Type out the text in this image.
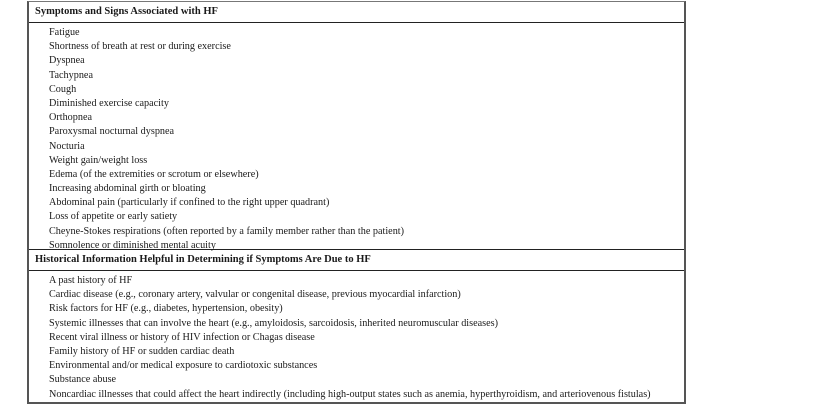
Symptoms and Signs Associated with HF
Fatigue
Shortness of breath at rest or during exercise
Dyspnea
Tachypnea
Cough
Diminished exercise capacity
Orthopnea
Paroxysmal nocturnal dyspnea
Nocturia
Weight gain/weight loss
Edema (of the extremities or scrotum or elsewhere)
Increasing abdominal girth or bloating
Abdominal pain (particularly if confined to the right upper quadrant)
Loss of appetite or early satiety
Cheyne-Stokes respirations (often reported by a family member rather than the patient)
Somnolence or diminished mental acuity
Historical Information Helpful in Determining if Symptoms Are Due to HF
A past history of HF
Cardiac disease (e.g., coronary artery, valvular or congenital disease, previous myocardial infarction)
Risk factors for HF (e.g., diabetes, hypertension, obesity)
Systemic illnesses that can involve the heart (e.g., amyloidosis, sarcoidosis, inherited neuromuscular diseases)
Recent viral illness or history of HIV infection or Chagas disease
Family history of HF or sudden cardiac death
Environmental and/or medical exposure to cardiotoxic substances
Substance abuse
Noncardiac illnesses that could affect the heart indirectly (including high-output states such as anemia, hyperthyroidism, and arteriovenous fistulas)
